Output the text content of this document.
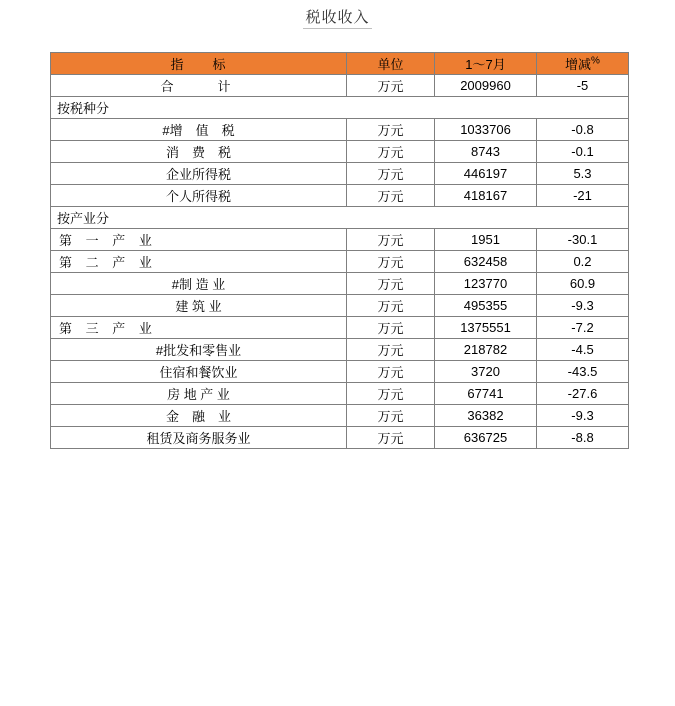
税收收入
指　　标	单位	1～7月	增减%
合　　计	万元	2009960	-5
按税种分			
#增　值　税	万元	1033706	-0.8
消　费　税	万元	8743	-0.1
企业所得税	万元	446197	5.3
个人所得税	万元	418167	-21
按产业分			
第 一 产 业	万元	1951	-30.1
第 二 产 业	万元	632458	0.2
#制 造 业	万元	123770	60.9
建 筑 业	万元	495355	-9.3
第 三 产 业	万元	1375551	-7.2
#批发和零售业	万元	218782	-4.5
住宿和餐饮业	万元	3720	-43.5
房 地 产 业	万元	67741	-27.6
金　融　业	万元	36382	-9.3
租赁及商务服务业	万元	636725	-8.8
